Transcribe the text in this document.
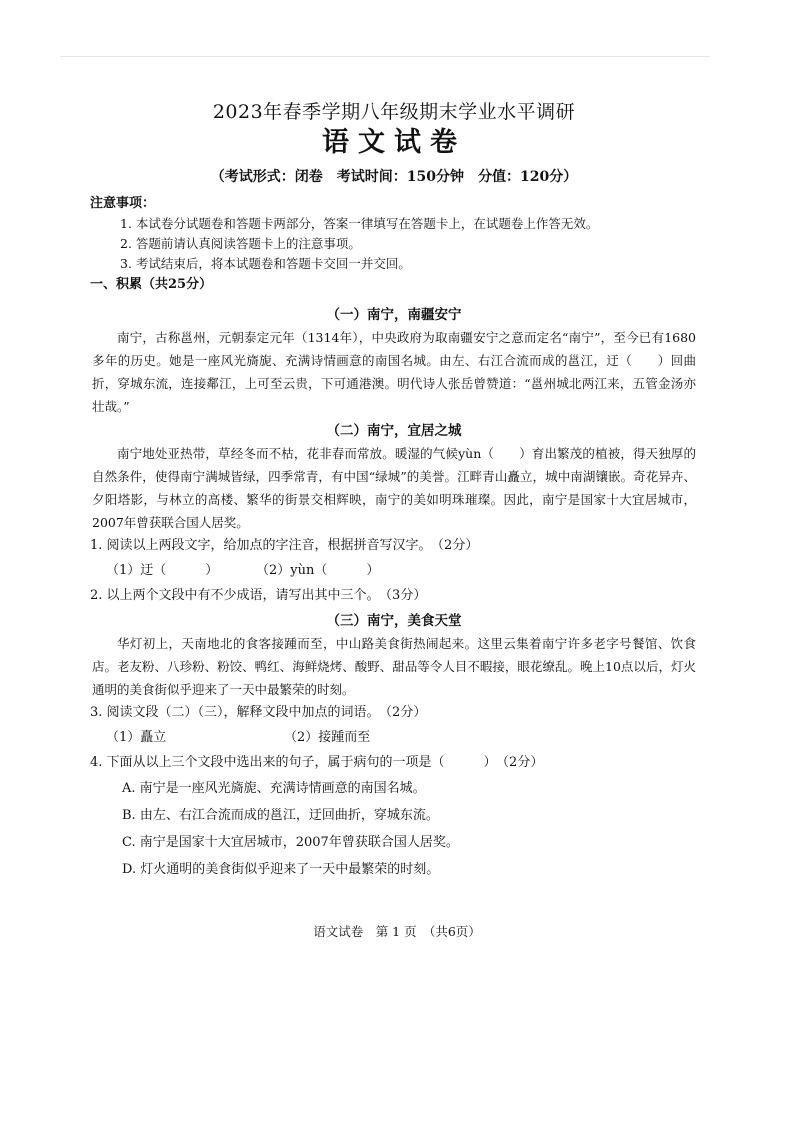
2023年春季学期八年级期末学业水平调研
语文试卷
（考试形式：闭卷　考试时间：150分钟　分值：120分）
注意事项：
1. 本试卷分试题卷和答题卡两部分，答案一律填写在答题卡上，在试题卷上作答无效。
2. 答题前请认真阅读答题卡上的注意事项。
3. 考试结束后，将本试题卷和答题卡交回一并交回。
一、积累（共25分）
（一）南宁，南疆安宁
南宁，古称邕州，元朝泰定元年（1314年），中央政府为取南疆安宁之意而定名“南宁”，至今已有1680多年的历史。她是一座风光旖旎、充满诗情画意的南国名城。由左、右江合流而成的邕江，迂（　　）回曲折，穿城东流，连接鄰江，上可至云贵，下可通港澳。明代诗人张岳曾赞道：“邕州城北两江来，五管金汤亦壮哉。”
（二）南宁，宜居之城
南宁地处亚热带，草经冬而不枯，花非春而常放。暖湿的气候yùn（　　）育出繁茂的植被，得天独厚的自然条件，使得南宁满城皆绿，四季常青，有中国“绿城”的美誉。江畔青山矗立，城中南湖镶嵌。奇花异卉、夕阳塔影，与林立的高楼、繁华的街景交相辉映，南宁的美如明珠璀璨。因此，南宁是国家十大宜居城市，2007年曾获联合国人居奖。
1. 阅读以上两段文字，给加点的字注音，根据拼音写汉字。 （2分）
（1）迂（　　　）	（2）yùn（　　　）
2. 以上两个文段中有不少成语，请写出其中三个。 （3分）
（三）南宁，美食天堂
华灯初上，天南地北的食客接踵而至，中山路美食街热闹起来。这里云集着南宁许多老字号餐馆、饮食店。老友粉、八珍粉、粉饺、鸭红、海鲜烧烤、酸野、甜品等令人目不暇接，眼花缭乱。晚上10点以后，灯火通明的美食街似乎迎来了一天中最繁荣的时刻。
3. 阅读文段（二）（三），解释文段中加点的词语。 （2分）
（1）矗立	（2）接踵而至
4. 下面从以上三个文段中选出来的句子，属于病句的一项是（　　　） （2分）
A. 南宁是一座风光旖旎、充满诗情画意的南国名城。
B. 由左、右江合流而成的邕江，迂回曲折，穿城东流。
C. 南宁是国家十大宜居城市，2007年曾获联合国人居奖。
D. 灯火通明的美食街似乎迎来了一天中最繁荣的时刻。
语文试卷　第 1 页　（共6页）
